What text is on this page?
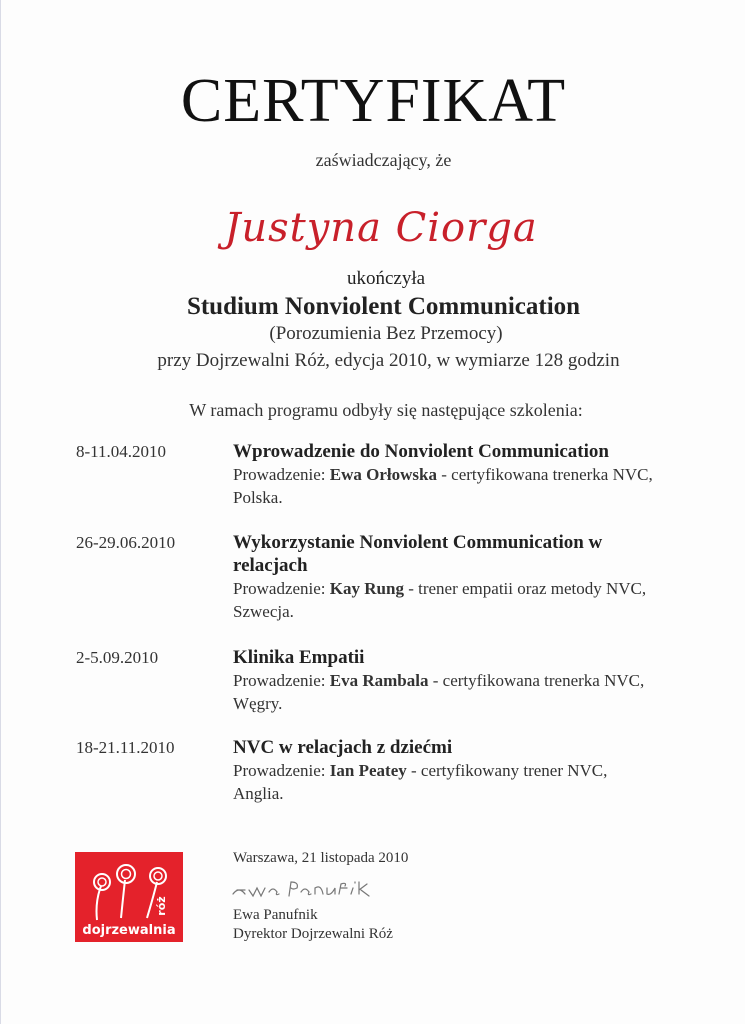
CERTYFIKAT
zaświadczający, że
Justyna Ciorga
ukończyła
Studium Nonviolent Communication
(Porozumienia Bez Przemocy)
przy Dojrzewalni Róż, edycja 2010, w wymiarze 128 godzin
W ramach programu odbyły się następujące szkolenia:
8-11.04.2010	Wprowadzenie do Nonviolent Communication
Prowadzenie: Ewa Orłowska - certyfikowana trenerka NVC, Polska.
26-29.06.2010	Wykorzystanie Nonviolent Communication w relacjach
Prowadzenie: Kay Rung - trener empatii oraz metody NVC, Szwecja.
2-5.09.2010	Klinika Empatii
Prowadzenie: Eva Rambala - certyfikowana trenerka NVC, Węgry.
18-21.11.2010	NVC w relacjach z dziećmi
Prowadzenie: Ian Peatey - certyfikowany trener NVC, Anglia.
róż
dojrzewalnia
Warszawa, 21 listopada 2010
Ewa Panufnik
Dyrektor Dojrzewalni Róż
